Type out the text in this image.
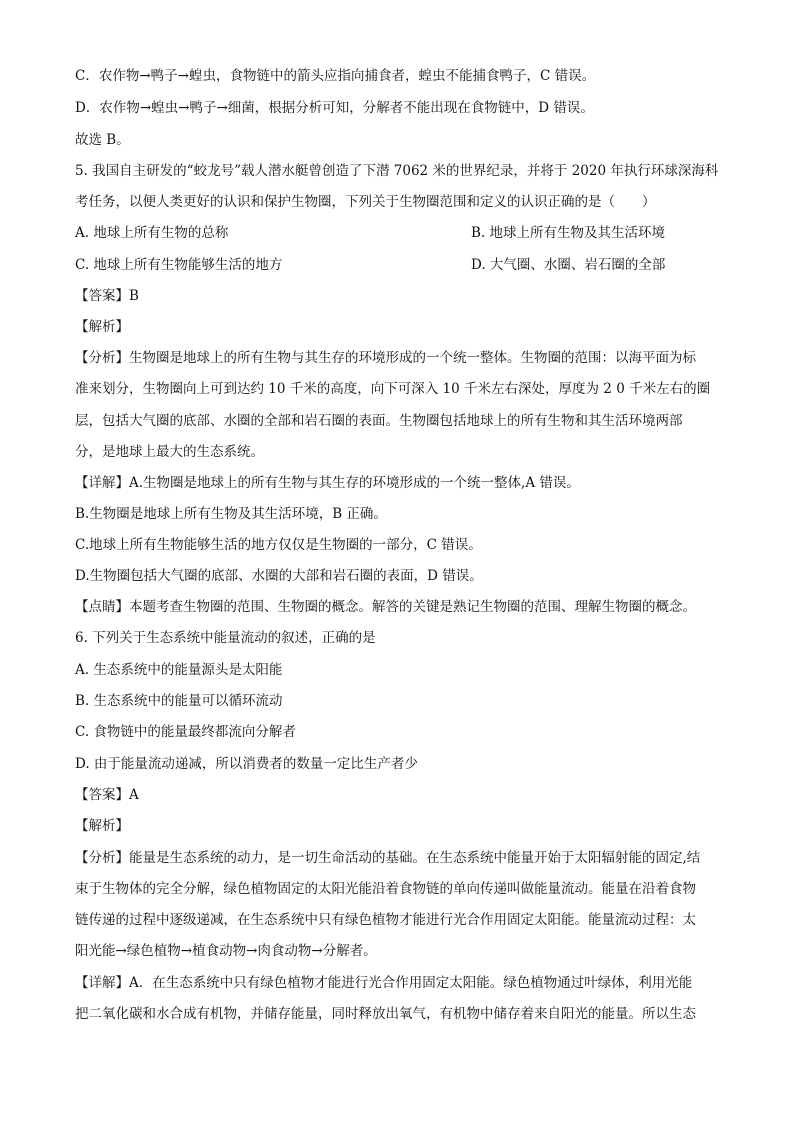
C．农作物→鸭子→蝗虫，食物链中的箭头应指向捕食者，蝗虫不能捕食鸭子，C 错误。
D．农作物→蝗虫→鸭子→细菌，根据分析可知，分解者不能出现在食物链中，D 错误。
故选 B。
5. 我国自主研发的“蛟龙号”载人潜水艇曾创造了下潜 7062 米的世界纪录，并将于 2020 年执行环球深海科
考任务，以便人类更好的认识和保护生物圈，下列关于生物圈范围和定义的认识正确的是（　　）
A. 地球上所有生物的总称	B. 地球上所有生物及其生活环境
C. 地球上所有生物能够生活的地方	D. 大气圈、水圈、岩石圈的全部
【答案】B
【解析】
【分析】生物圈是地球上的所有生物与其生存的环境形成的一个统一整体。生物圈的范围：以海平面为标
准来划分，生物圈向上可到达约 10 千米的高度，向下可深入 10 千米左右深处，厚度为 2 0 千米左右的圈
层，包括大气圈的底部、水圈的全部和岩石圈的表面。生物圈包括地球上的所有生物和其生活环境两部
分，是地球上最大的生态系统。
【详解】A.生物圈是地球上的所有生物与其生存的环境形成的一个统一整体,A 错误。
B.生物圈是地球上所有生物及其生活环境，B 正确。
C.地球上所有生物能够生活的地方仅仅是生物圈的一部分，C 错误。
D.生物圈包括大气圈的底部、水圈的大部和岩石圈的表面，D 错误。
【点睛】本题考查生物圈的范围、生物圈的概念。解答的关键是熟记生物圈的范围、理解生物圈的概念。
6. 下列关于生态系统中能量流动的叙述，正确的是
A. 生态系统中的能量源头是太阳能
B. 生态系统中的能量可以循环流动
C. 食物链中的能量最终都流向分解者
D. 由于能量流动递减，所以消费者的数量一定比生产者少
【答案】A
【解析】
【分析】能量是生态系统的动力，是一切生命活动的基础。在生态系统中能量开始于太阳辐射能的固定,结
束于生物体的完全分解，绿色植物固定的太阳光能沿着食物链的单向传递叫做能量流动。能量在沿着食物
链传递的过程中逐级递减，在生态系统中只有绿色植物才能进行光合作用固定太阳能。能量流动过程：太
阳光能→绿色植物→植食动物→肉食动物→分解者。
【详解】A．在生态系统中只有绿色植物才能进行光合作用固定太阳能。绿色植物通过叶绿体，利用光能
把二氧化碳和水合成有机物，并储存能量，同时释放出氧气，有机物中储存着来自阳光的能量。所以生态
